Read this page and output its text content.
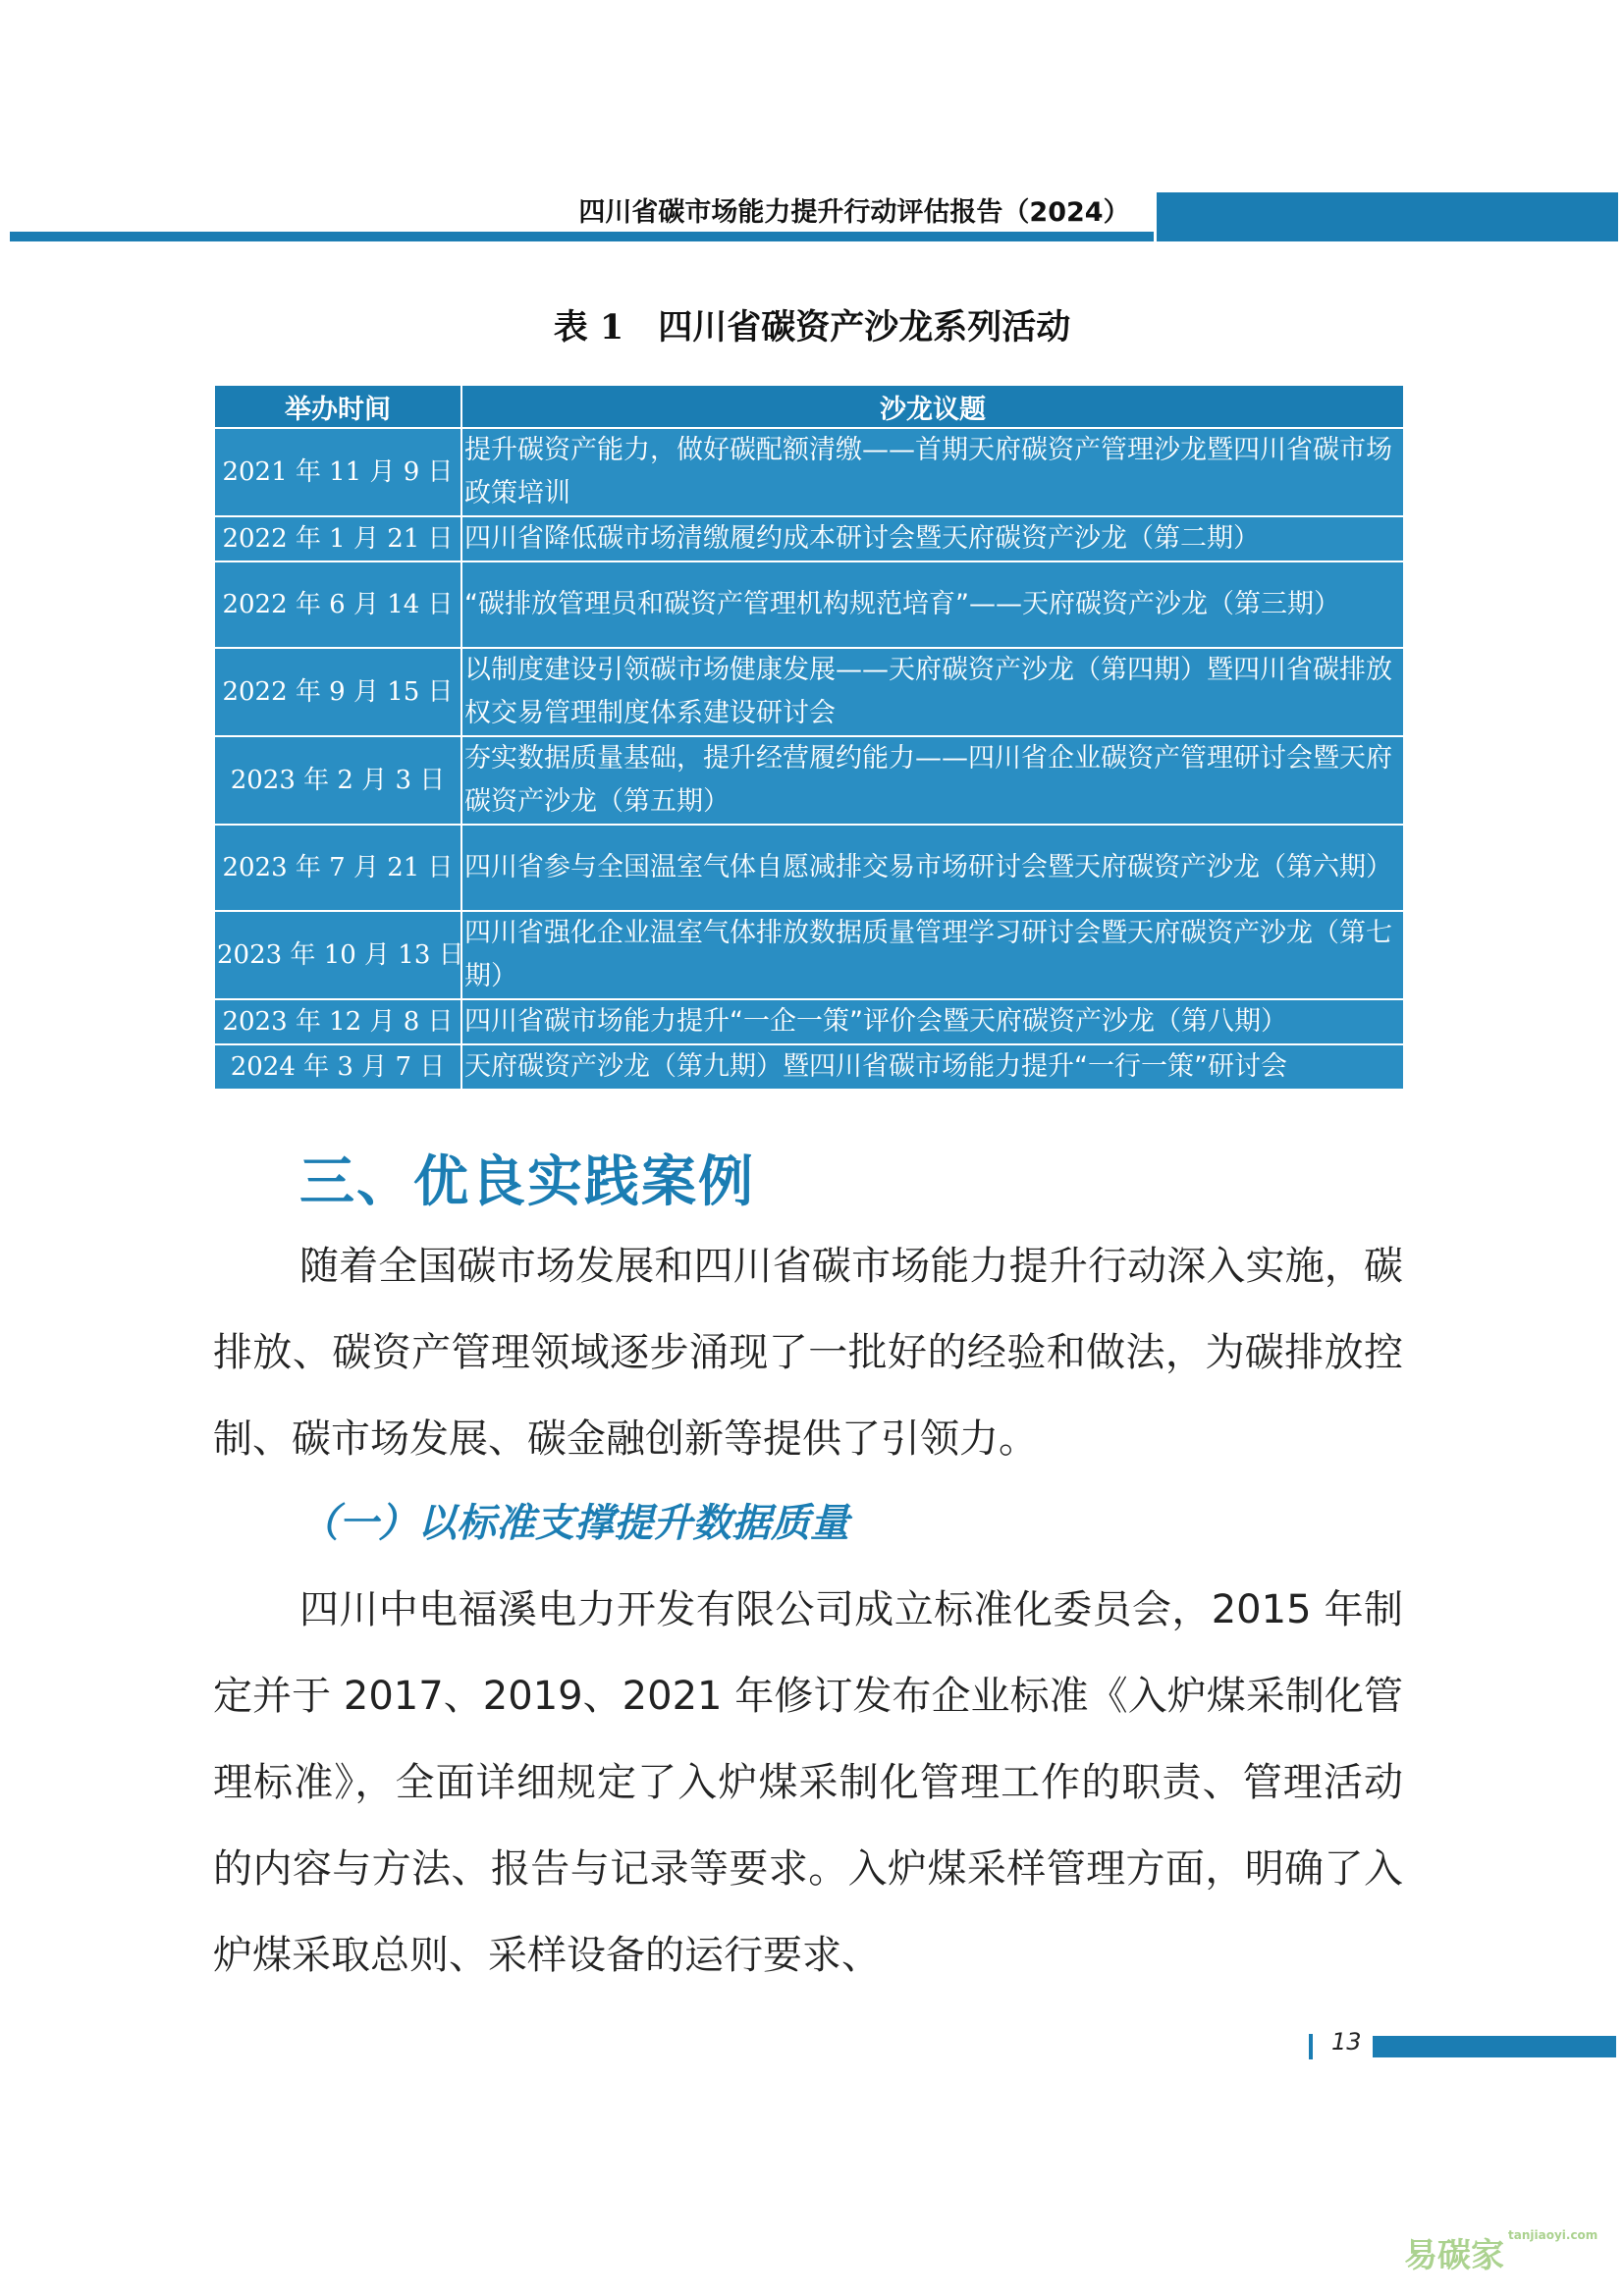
四川省碳市场能力提升行动评估报告（2024）
表 1　四川省碳资产沙龙系列活动
举办时间	沙龙议题
2021 年 11 月 9 日	提升碳资产能力，做好碳配额清缴——首期天府碳资产管理沙龙暨四川省碳市场政策培训
2022 年 1 月 21 日	四川省降低碳市场清缴履约成本研讨会暨天府碳资产沙龙（第二期）
2022 年 6 月 14 日	“碳排放管理员和碳资产管理机构规范培育”——天府碳资产沙龙（第三期）
2022 年 9 月 15 日	以制度建设引领碳市场健康发展——天府碳资产沙龙（第四期）暨四川省碳排放权交易管理制度体系建设研讨会
2023 年 2 月 3 日	夯实数据质量基础，提升经营履约能力——四川省企业碳资产管理研讨会暨天府碳资产沙龙（第五期）
2023 年 7 月 21 日	四川省参与全国温室气体自愿减排交易市场研讨会暨天府碳资产沙龙（第六期）
2023 年 10 月 13 日	四川省强化企业温室气体排放数据质量管理学习研讨会暨天府碳资产沙龙（第七期）
2023 年 12 月 8 日	四川省碳市场能力提升“一企一策”评价会暨天府碳资产沙龙（第八期）
2024 年 3 月 7 日	天府碳资产沙龙（第九期）暨四川省碳市场能力提升“一行一策”研讨会
三、优良实践案例

随着全国碳市场发展和四川省碳市场能力提升行动深入实施，碳排放、碳资产管理领域逐步涌现了一批好的经验和做法，为碳排放控制、碳市场发展、碳金融创新等提供了引领力。

（一）以标准支撑提升数据质量

四川中电福溪电力开发有限公司成立标准化委员会，2015 年制定并于 2017、2019、2021 年修订发布企业标准《入炉煤采制化管理标准》，全面详细规定了入炉煤采制化管理工作的职责、管理活动的内容与方法、报告与记录等要求。入炉煤采样管理方面，明确了入炉煤采取总则、采样设备的运行要求、

13
易碳家$^{tanjiaoyi.com}$
